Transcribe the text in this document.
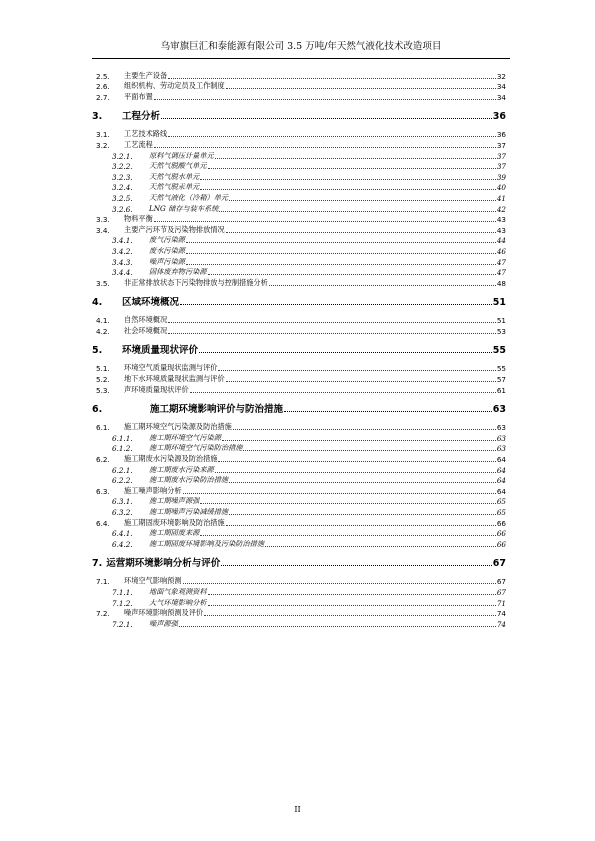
乌审旗巨汇和泰能源有限公司 3.5 万吨/年天然气液化技术改造项目
2.5.	主要生产设备	32
2.6.	组织机构、劳动定员及工作制度	34
2.7.	平面布置	34
3.	工程分析	36
3.1.	工艺技术路线	36
3.2.	工艺流程	37
3.2.1.	原料气调压计量单元	37
3.2.2.	天然气脱酸气单元	37
3.2.3.	天然气脱水单元	39
3.2.4.	天然气脱汞单元	40
3.2.5.	天然气液化（冷箱）单元	41
3.2.6.	LNG 储存与装车系统	42
3.3.	物料平衡	43
3.4.	主要产污环节及污染物排放情况	43
3.4.1.	废气污染源	44
3.4.2.	废水污染源	46
3.4.3.	噪声污染源	47
3.4.4.	固体废弃物污染源	47
3.5.	非正常排放状态下污染物排放与控制措施分析	48
4.	区域环境概况	51
4.1.	自然环境概况	51
4.2.	社会环境概况	53
5.	环境质量现状评价	55
5.1.	环境空气质量现状监测与评价	55
5.2.	地下水环境质量现状监测与评价	57
5.3.	声环境质量现状评价	61
6.	施工期环境影响评价与防治措施	63
6.1.	施工期环境空气污染源及防治措施	63
6.1.1.	施工期环境空气污染源	63
6.1.2.	施工期环境空气污染防治措施	63
6.2.	施工期废水污染源及防治措施	64
6.2.1.	施工期废水污染来源	64
6.2.2.	施工期废水污染防治措施	64
6.3.	施工噪声影响分析	64
6.3.1.	施工期噪声源强	65
6.3.2.	施工期噪声污染减缓措施	65
6.4.	施工期固废环境影响及防治措施	66
6.4.1.	施工期固废来源	66
6.4.2.	施工期固废环境影响及污染防治措施	66
7. 运营期环境影响分析与评价	67
7.1.	环境空气影响预测	67
7.1.1.	地面气象观测资料	67
7.1.2.	大气环境影响分析	71
7.2.	噪声环境影响预测及评价	74
7.2.1.	噪声源强	74
II
